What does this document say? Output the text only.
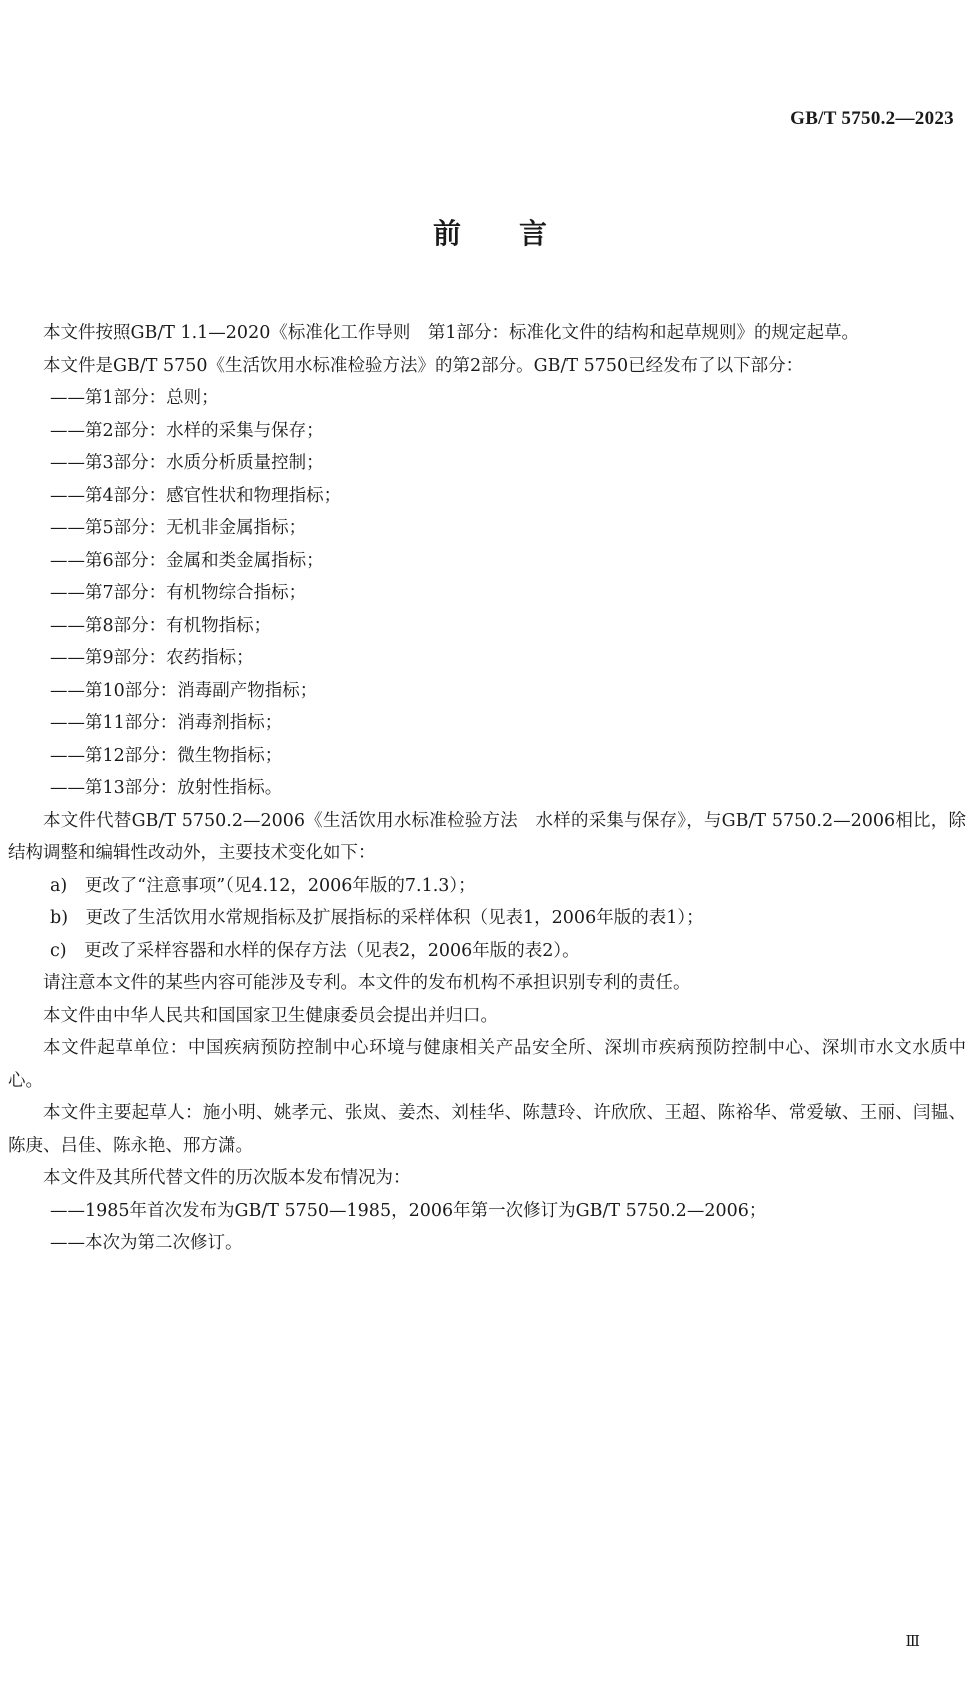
GB/T 5750.2—2023
前言

本文件按照GB/T 1.1—2020《标准化工作导则　第1部分：标准化文件的结构和起草规则》的规定起草。

本文件是GB/T 5750《生活饮用水标准检验方法》的第2部分。GB/T 5750已经发布了以下部分：

——第1部分：总则；

——第2部分：水样的采集与保存；

——第3部分：水质分析质量控制；

——第4部分：感官性状和物理指标；

——第5部分：无机非金属指标；

——第6部分：金属和类金属指标；

——第7部分：有机物综合指标；

——第8部分：有机物指标；

——第9部分：农药指标；

——第10部分：消毒副产物指标；

——第11部分：消毒剂指标；

——第12部分：微生物指标；

——第13部分：放射性指标。

本文件代替GB/T 5750.2—2006《生活饮用水标准检验方法　水样的采集与保存》，与GB/T 5750.2—2006相比，除结构调整和编辑性改动外，主要技术变化如下：

a)　更改了“注意事项”（见4.12，2006年版的7.1.3）；

b)　更改了生活饮用水常规指标及扩展指标的采样体积（见表1，2006年版的表1）；

c)　更改了采样容器和水样的保存方法（见表2，2006年版的表2）。

请注意本文件的某些内容可能涉及专利。本文件的发布机构不承担识别专利的责任。

本文件由中华人民共和国国家卫生健康委员会提出并归口。

本文件起草单位：中国疾病预防控制中心环境与健康相关产品安全所、深圳市疾病预防控制中心、深圳市水文水质中心。

本文件主要起草人：施小明、姚孝元、张岚、姜杰、刘桂华、陈慧玲、许欣欣、王超、陈裕华、常爱敏、王丽、闫韫、陈庚、吕佳、陈永艳、邢方潇。

本文件及其所代替文件的历次版本发布情况为：

——1985年首次发布为GB/T 5750—1985，2006年第一次修订为GB/T 5750.2—2006；

——本次为第二次修订。

Ⅲ
